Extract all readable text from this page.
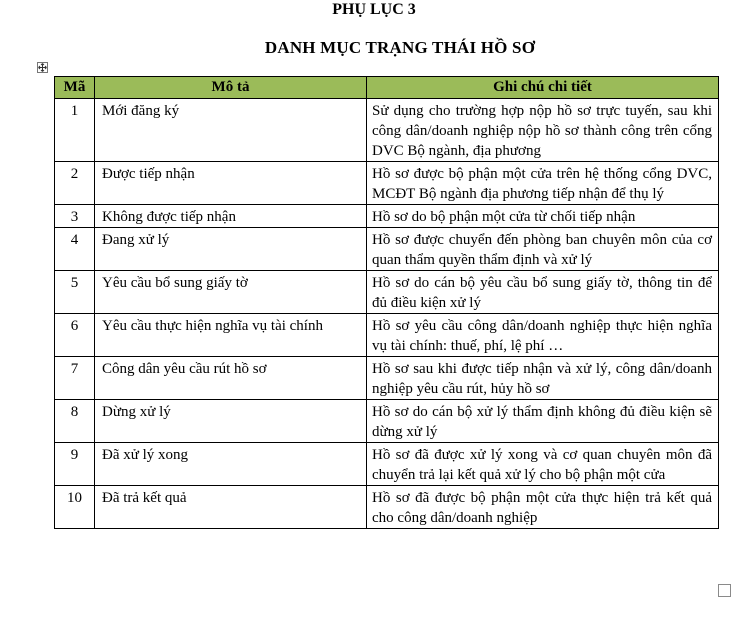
PHỤ LỤC 3
DANH MỤC TRẠNG THÁI HỒ SƠ
Mã	Mô tả	Ghi chú chi tiết
1	Mới đăng ký	Sử dụng cho trường hợp nộp hồ sơ trực tuyến, sau khi công dân/doanh nghiệp nộp hồ sơ thành công trên cổng DVC Bộ ngành, địa phương
2	Được tiếp nhận	Hồ sơ được bộ phận một cửa trên hệ thống cổng DVC, MCĐT Bộ ngành địa phương tiếp nhận để thụ lý
3	Không được tiếp nhận	Hồ sơ do bộ phận một cửa từ chối tiếp nhận
4	Đang xử lý	Hồ sơ được chuyển đến phòng ban chuyên môn của cơ quan thẩm quyền thẩm định và xử lý
5	Yêu cầu bổ sung giấy tờ	Hồ sơ do cán bộ yêu cầu bổ sung giấy tờ, thông tin để đủ điều kiện xử lý
6	Yêu cầu thực hiện nghĩa vụ tài chính	Hồ sơ yêu cầu công dân/doanh nghiệp thực hiện nghĩa vụ tài chính: thuế, phí, lệ phí …
7	Công dân yêu cầu rút hồ sơ	Hồ sơ sau khi được tiếp nhận và xử lý, công dân/doanh nghiệp yêu cầu rút, hủy hồ sơ
8	Dừng xử lý	Hồ sơ do cán bộ xử lý thẩm định không đủ điều kiện sẽ dừng xử lý
9	Đã xử lý xong	Hồ sơ đã được xử lý xong và cơ quan chuyên môn đã chuyển trả lại kết quả xử lý cho bộ phận một cửa
10	Đã trả kết quả	Hồ sơ đã được bộ phận một cửa thực hiện trả kết quả cho công dân/doanh nghiệp
